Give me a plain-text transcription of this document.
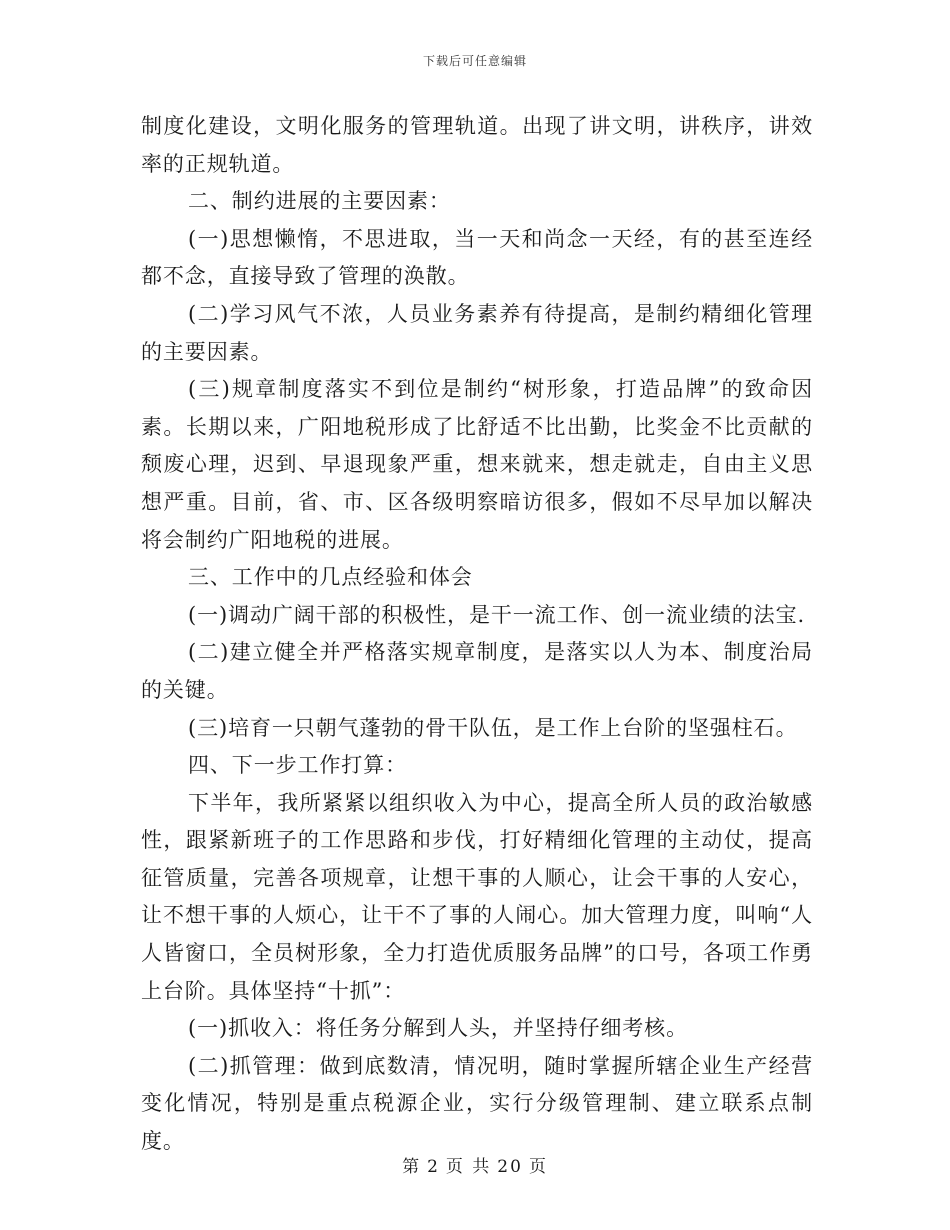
下载后可任意编辑

制度化建设，文明化服务的管理轨道。出现了讲文明，讲秩序，讲效率的正规轨道。

二、制约进展的主要因素：

(一)思想懒惰，不思进取，当一天和尚念一天经，有的甚至连经都不念，直接导致了管理的涣散。

(二)学习风气不浓，人员业务素养有待提高，是制约精细化管理的主要因素。

(三)规章制度落实不到位是制约“树形象，打造品牌”的致命因素。长期以来，广阳地税形成了比舒适不比出勤，比奖金不比贡献的颓废心理，迟到、早退现象严重，想来就来，想走就走，自由主义思想严重。目前，省、市、区各级明察暗访很多，假如不尽早加以解决将会制约广阳地税的进展。

三、工作中的几点经验和体会

(一)调动广阔干部的积极性，是干一流工作、创一流业绩的法宝.

(二)建立健全并严格落实规章制度，是落实以人为本、制度治局的关键。

(三)培育一只朝气蓬勃的骨干队伍，是工作上台阶的坚强柱石。

四、下一步工作打算：

下半年，我所紧紧以组织收入为中心，提高全所人员的政治敏感性，跟紧新班子的工作思路和步伐，打好精细化管理的主动仗，提高征管质量，完善各项规章，让想干事的人顺心，让会干事的人安心，让不想干事的人烦心，让干不了事的人闹心。加大管理力度，叫响“人人皆窗口，全员树形象，全力打造优质服务品牌”的口号，各项工作勇上台阶。具体坚持“十抓”：

(一)抓收入：将任务分解到人头，并坚持仔细考核。

(二)抓管理：做到底数清，情况明，随时掌握所辖企业生产经营变化情况，特别是重点税源企业，实行分级管理制、建立联系点制度。

第 2 页 共 20 页
